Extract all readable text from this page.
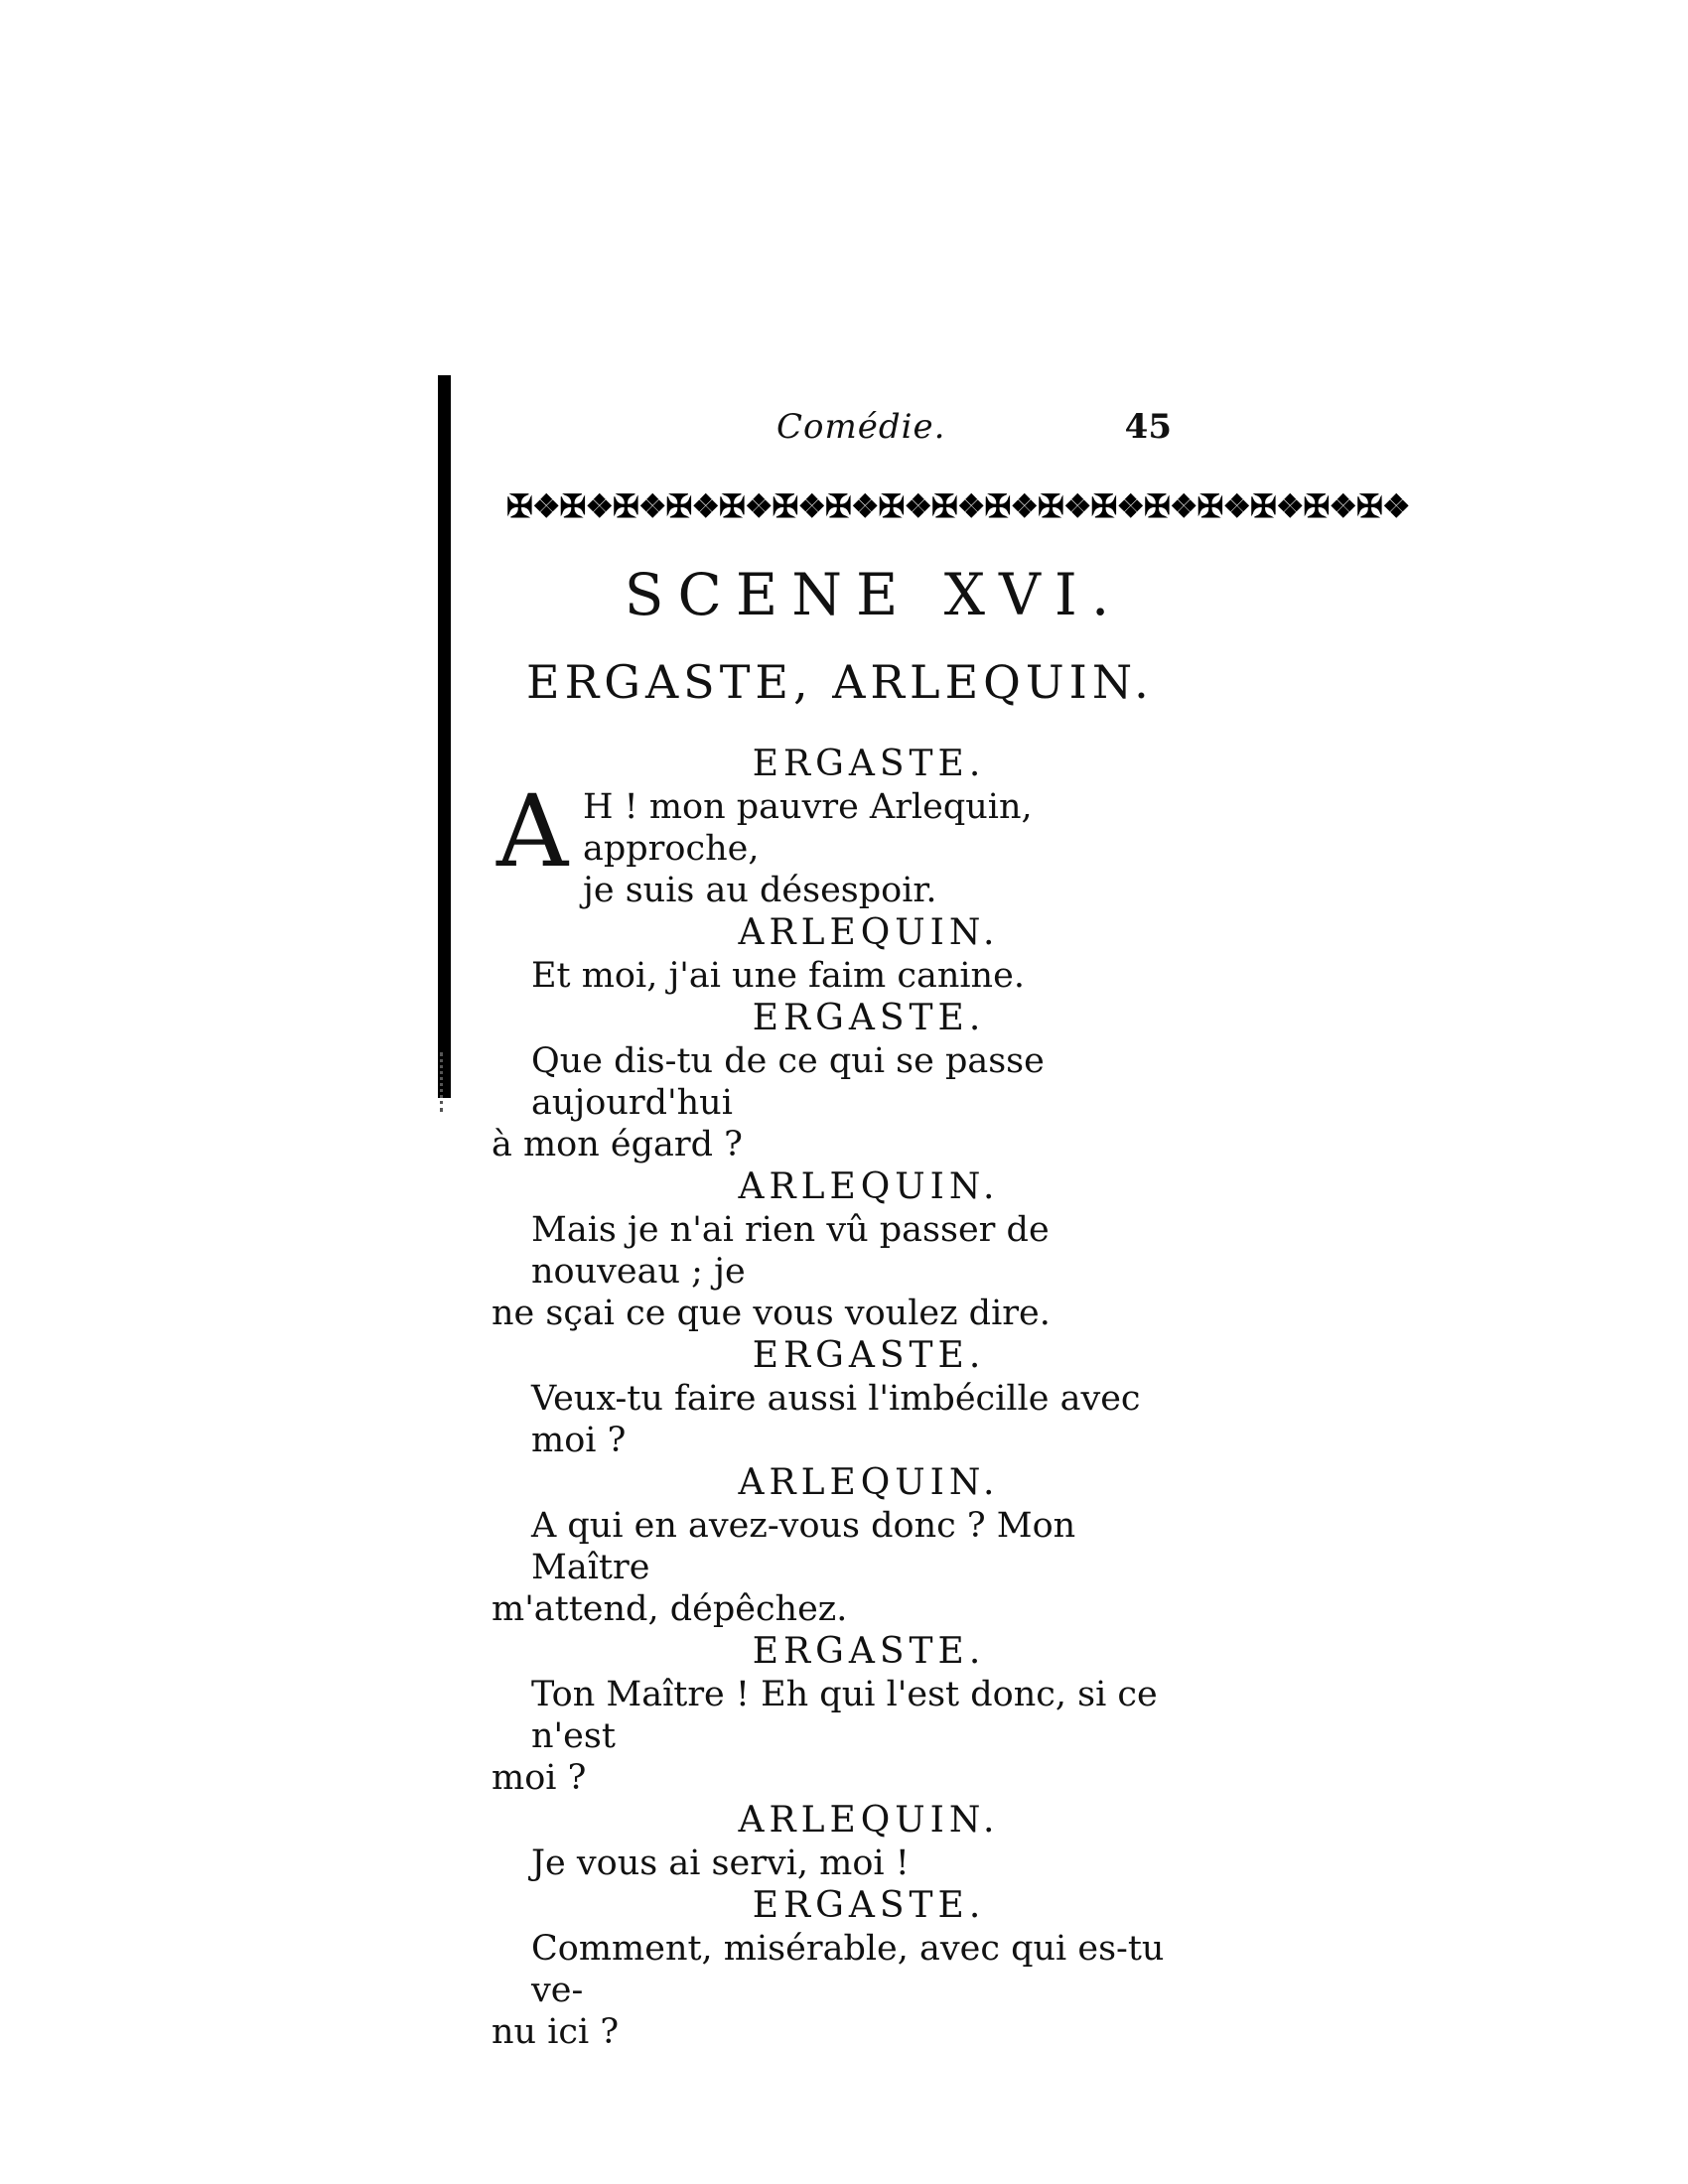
Comédie.	45
✠❖✠❖✠❖✠❖✠❖✠❖✠❖✠❖✠❖✠❖✠❖✠❖✠❖✠❖✠❖✠❖✠❖
SCENE XVI.
ERGASTE, ARLEQUIN.
ERGASTE.
A H ! mon pauvre Arlequin, approche,
je suis au désespoir.
ARLEQUIN.
Et moi, j'ai une faim canine.
ERGASTE.
Que dis-tu de ce qui se passe aujourd'hui
à mon égard ?
ARLEQUIN.
Mais je n'ai rien vû passer de nouveau ; je
ne sçai ce que vous voulez dire.
ERGASTE.
Veux-tu faire aussi l'imbécille avec moi ?
ARLEQUIN.
A qui en avez-vous donc ? Mon Maître
m'attend, dépêchez.
ERGASTE.
Ton Maître ! Eh qui l'est donc, si ce n'est
moi ?
ARLEQUIN.
Je vous ai servi, moi !
ERGASTE.
Comment, misérable, avec qui es-tu ve-
nu ici ?
